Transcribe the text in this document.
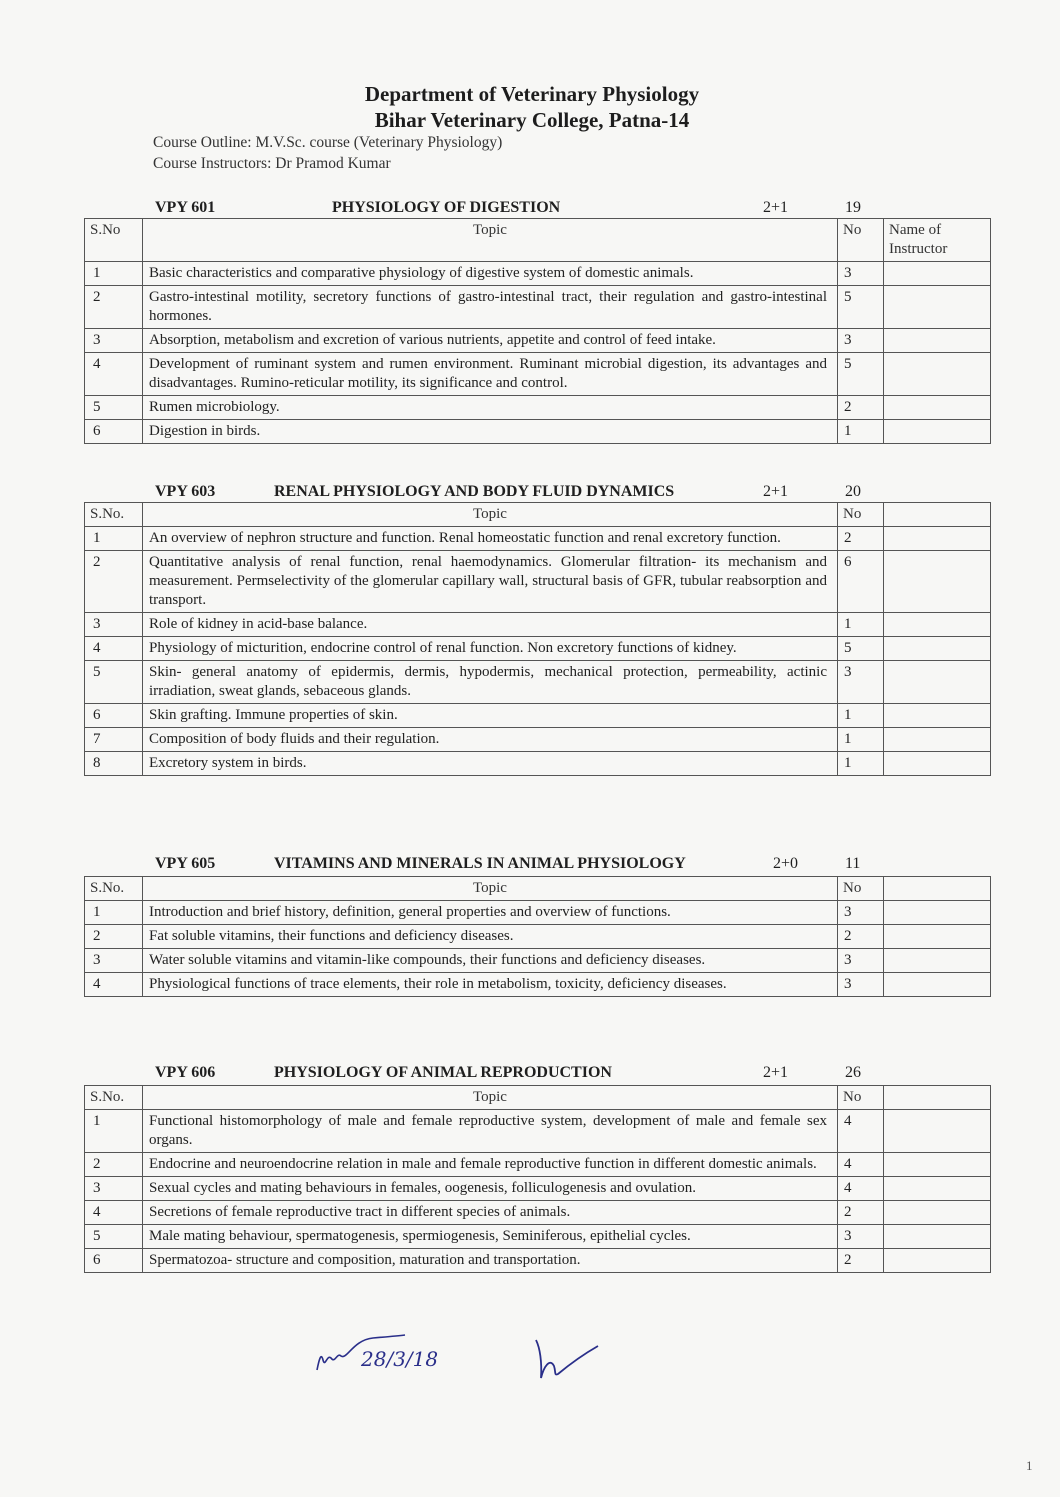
Department of Veterinary Physiology
Bihar Veterinary College, Patna-14
Course Outline: M.V.Sc. course (Veterinary Physiology)
Course Instructors: Dr Pramod Kumar
VPY 601	PHYSIOLOGY OF DIGESTION	2+1	19
S.No	Topic	No	Name of Instructor
1	Basic characteristics and comparative physiology of digestive system of domestic animals.	3	
2	Gastro-intestinal motility, secretory functions of gastro-intestinal tract, their regulation and gastro-intestinal hormones.	5	
3	Absorption, metabolism and excretion of various nutrients, appetite and control of feed intake.	3	
4	Development of ruminant system and rumen environment. Ruminant microbial digestion, its advantages and disadvantages. Rumino-reticular motility, its significance and control.	5	
5	Rumen microbiology.	2	
6	Digestion in birds.	1	
VPY 603	RENAL PHYSIOLOGY AND BODY FLUID DYNAMICS	2+1	20
S.No.	Topic	No	
1	An overview of nephron structure and function. Renal homeostatic function and renal excretory function.	2	
2	Quantitative analysis of renal function, renal haemodynamics. Glomerular filtration- its mechanism and measurement. Permselectivity of the glomerular capillary wall, structural basis of GFR, tubular reabsorption and transport.	6	
3	Role of kidney in acid-base balance.	1	
4	Physiology of micturition, endocrine control of renal function. Non excretory functions of kidney.	5	
5	Skin- general anatomy of epidermis, dermis, hypodermis, mechanical protection, permeability, actinic irradiation, sweat glands, sebaceous glands.	3	
6	Skin grafting. Immune properties of skin.	1	
7	Composition of body fluids and their regulation.	1	
8	Excretory system in birds.	1	
VPY 605	VITAMINS AND MINERALS IN ANIMAL PHYSIOLOGY	2+0	11
S.No.	Topic	No	
1	Introduction and brief history, definition, general properties and overview of functions.	3	
2	Fat soluble vitamins, their functions and deficiency diseases.	2	
3	Water soluble vitamins and vitamin-like compounds, their functions and deficiency diseases.	3	
4	Physiological functions of trace elements, their role in metabolism, toxicity, deficiency diseases.	3	
VPY 606	PHYSIOLOGY OF ANIMAL REPRODUCTION	2+1	26
S.No.	Topic	No	
1	Functional histomorphology of male and female reproductive system, development of male and female sex organs.	4	
2	Endocrine and neuroendocrine relation in male and female reproductive function in different domestic animals.	4	
3	Sexual cycles and mating behaviours in females, oogenesis, folliculogenesis and ovulation.	4	
4	Secretions of female reproductive tract in different species of animals.	2	
5	Male mating behaviour, spermatogenesis, spermiogenesis, Seminiferous, epithelial cycles.	3	
6	Spermatozoa- structure and composition, maturation and transportation.	2	
28/3/18
1
